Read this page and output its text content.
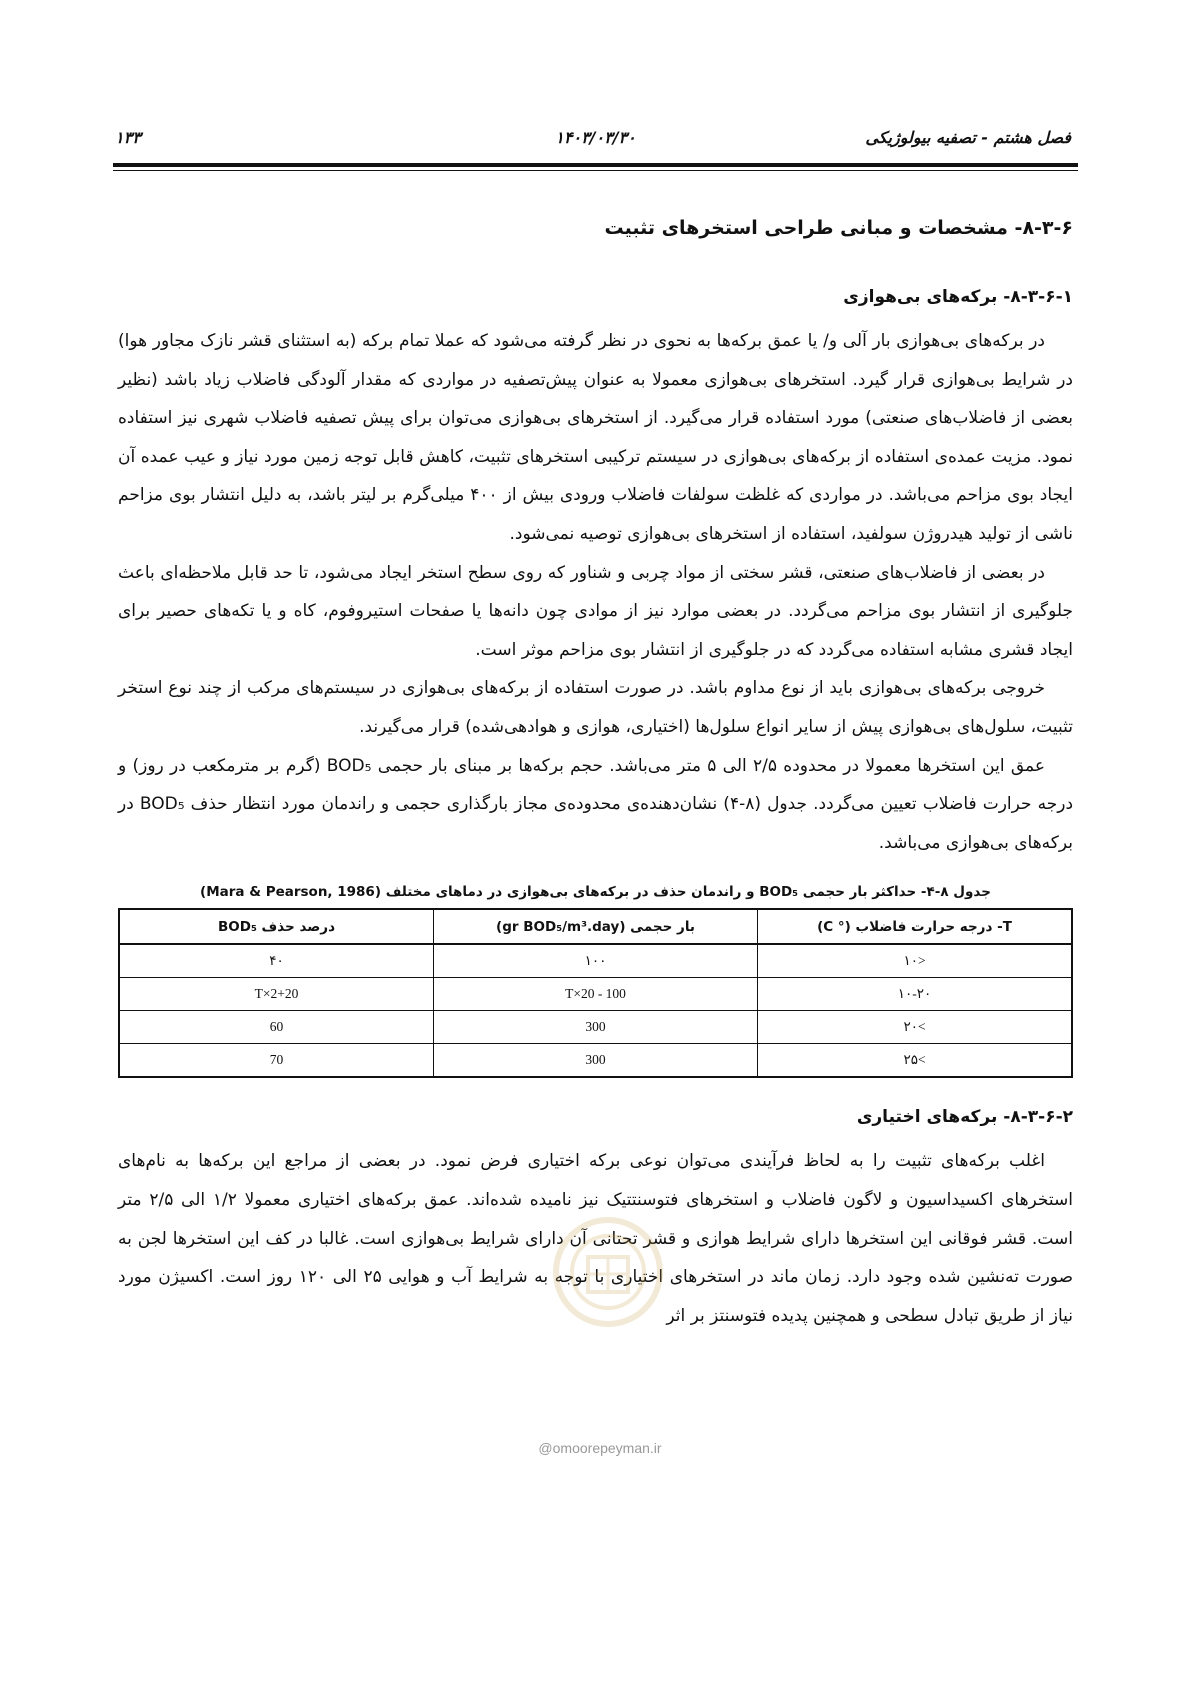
فصل هشتم - تصفیه بیولوژیکی
۱۴۰۳/۰۳/۳۰
۱۳۳
۸-۳-۶- مشخصات و مبانی طراحی استخرهای تثبیت
۸-۳-۶-۱- برکه‌های بی‌هوازی

در برکه‌های بی‌هوازی بار آلی و/ یا عمق برکه‌ها به نحوی در نظر گرفته می‌شود که عملا تمام برکه (به استثنای قشر نازک مجاور هوا) در شرایط بی‌هوازی قرار گیرد. استخرهای بی‌هوازی معمولا به عنوان پیش‌تصفیه در مواردی که مقدار آلودگی فاضلاب زیاد باشد (نظیر بعضی از فاضلاب‌های صنعتی) مورد استفاده قرار می‌گیرد. از استخرهای بی‌هوازی می‌توان برای پیش تصفیه فاضلاب شهری نیز استفاده نمود. مزیت عمده‌ی استفاده از برکه‌های بی‌هوازی در سیستم ترکیبی استخرهای تثبیت، کاهش قابل توجه زمین مورد نیاز و عیب عمده آن ایجاد بوی مزاحم می‌باشد. در مواردی که غلظت سولفات فاضلاب ورودی بیش از ۴۰۰ میلی‌گرم بر لیتر باشد، به دلیل انتشار بوی مزاحم ناشی از تولید هیدروژن سولفید، استفاده از استخرهای بی‌هوازی توصیه نمی‌شود.

در بعضی از فاضلاب‌های صنعتی، قشر سختی از مواد چربی و شناور که روی سطح استخر ایجاد می‌شود، تا حد قابل ملاحظه‌ای باعث جلوگیری از انتشار بوی مزاحم می‌گردد. در بعضی موارد نیز از موادی چون دانه‌ها یا صفحات استیروفوم، کاه و یا تکه‌های حصیر برای ایجاد قشری مشابه استفاده می‌گردد که در جلوگیری از انتشار بوی مزاحم موثر است.

خروجی برکه‌های بی‌هوازی باید از نوع مداوم باشد. در صورت استفاده از برکه‌های بی‌هوازی در سیستم‌های مرکب از چند نوع استخر تثبیت، سلول‌های بی‌هوازی پیش از سایر انواع سلول‌ها (اختیاری، هوازی و هوادهی‌شده) قرار می‌گیرند.

عمق این استخرها معمولا در محدوده ۲/۵ الی ۵ متر می‌باشد. حجم برکه‌ها بر مبنای بار حجمی BOD₅ (گرم بر مترمکعب در روز) و درجه حرارت فاضلاب تعیین می‌گردد. جدول (۸-۴) نشان‌دهنده‌ی محدوده‌ی مجاز بارگذاری حجمی و راندمان مورد انتظار حذف BOD₅ در برکه‌های بی‌هوازی می‌باشد.

جدول ۸-۴- حداکثر بار حجمی BOD₅ و راندمان حذف در برکه‌های بی‌هوازی در دماهای مختلف (Mara & Pearson, 1986)
T- درجه حرارت فاضلاب (° C)	بار حجمی (gr BOD₅/m³.day)	درصد حذف BOD₅
<۱۰	۱۰۰	۴۰
۱۰-۲۰	T×20 - 100	T×2+20
>۲۰	300	60
>۲۵	300	70
۸-۳-۶-۲- برکه‌های اختیاری

اغلب برکه‌های تثبیت را به لحاظ فرآیندی می‌توان نوعی برکه اختیاری فرض نمود. در بعضی از مراجع این برکه‌ها به نام‌های استخرهای اکسیداسیون و لاگون فاضلاب و استخرهای فتوسنتتیک نیز نامیده شده‌اند. عمق برکه‌های اختیاری معمولا ۱/۲ الی ۲/۵ متر است. قشر فوقانی این استخرها دارای شرایط هوازی و قشر تحتانی آن دارای شرایط بی‌هوازی است. غالبا در کف این استخرها لجن به صورت ته‌نشین شده وجود دارد. زمان ماند در استخرهای اختیاری با توجه به شرایط آب و هوایی ۲۵ الی ۱۲۰ روز است. اکسیژن مورد نیاز از طریق تبادل سطحی و همچنین پدیده فتوسنتز بر اثر

@omoorepeyman.ir
